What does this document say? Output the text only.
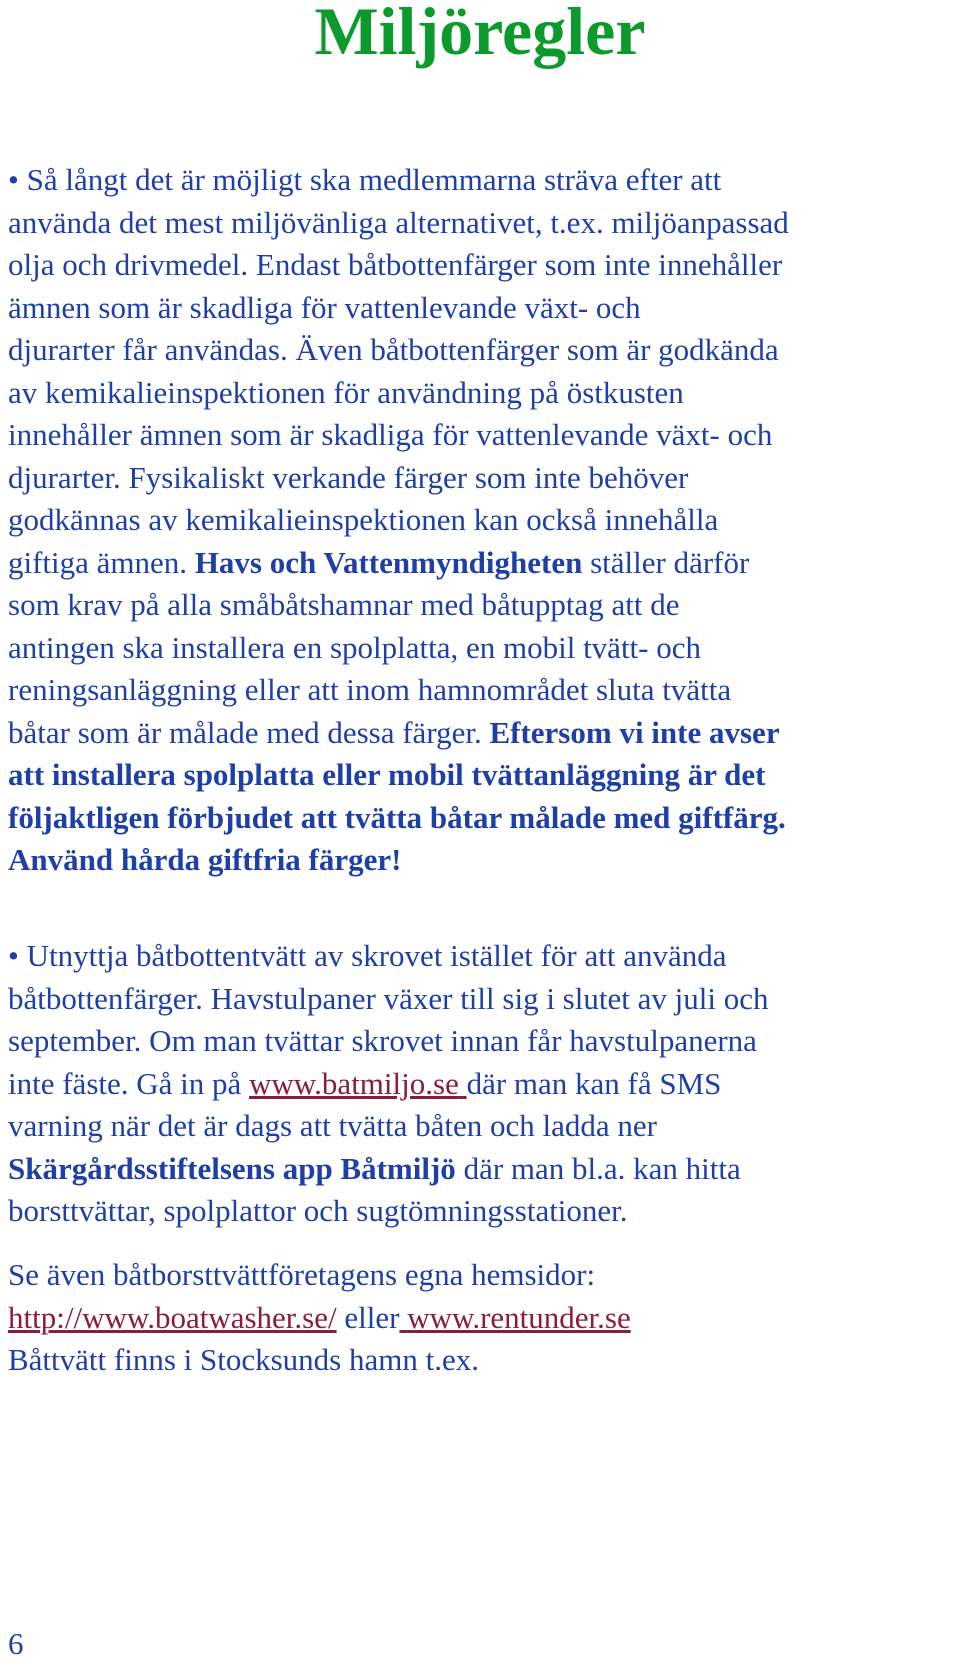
Miljöregler
• Så långt det är möjligt ska medlemmarna sträva efter att
använda det mest miljövänliga alternativet, t.ex. miljöanpassad
olja och drivmedel. Endast båtbottenfärger som inte innehåller
ämnen som är skadliga för vattenlevande växt- och
djurarter får användas. Även båtbottenfärger som är godkända
av kemikalieinspektionen för användning på östkusten
innehåller ämnen som är skadliga för vattenlevande växt- och
djurarter. Fysikaliskt verkande färger som inte behöver
godkännas av kemikalieinspektionen kan också innehålla
giftiga ämnen. Havs och Vattenmyndigheten ställer därför
som krav på alla småbåtshamnar med båtupptag att de
antingen ska installera en spolplatta, en mobil tvätt- och
reningsanläggning eller att inom hamnområdet sluta tvätta
båtar som är målade med dessa färger. Eftersom vi inte avser
att installera spolplatta eller mobil tvättanläggning är det
följaktligen förbjudet att tvätta båtar målade med giftfärg.
Använd hårda giftfria färger!
• Utnyttja båtbottentvätt av skrovet istället för att använda
båtbottenfärger. Havstulpaner växer till sig i slutet av juli och
september. Om man tvättar skrovet innan får havstulpanerna
inte fäste. Gå in på www.batmiljo.se där man kan få SMS
varning när det är dags att tvätta båten och ladda ner
Skärgårdsstiftelsens app Båtmiljö där man bl.a. kan hitta
borsttvättar, spolplattor och sugtömningsstationer.
Se även båtborsttvättföretagens egna hemsidor:
http://www.boatwasher.se/ eller www.rentunder.se
Båttvätt finns i Stocksunds hamn t.ex.
6
